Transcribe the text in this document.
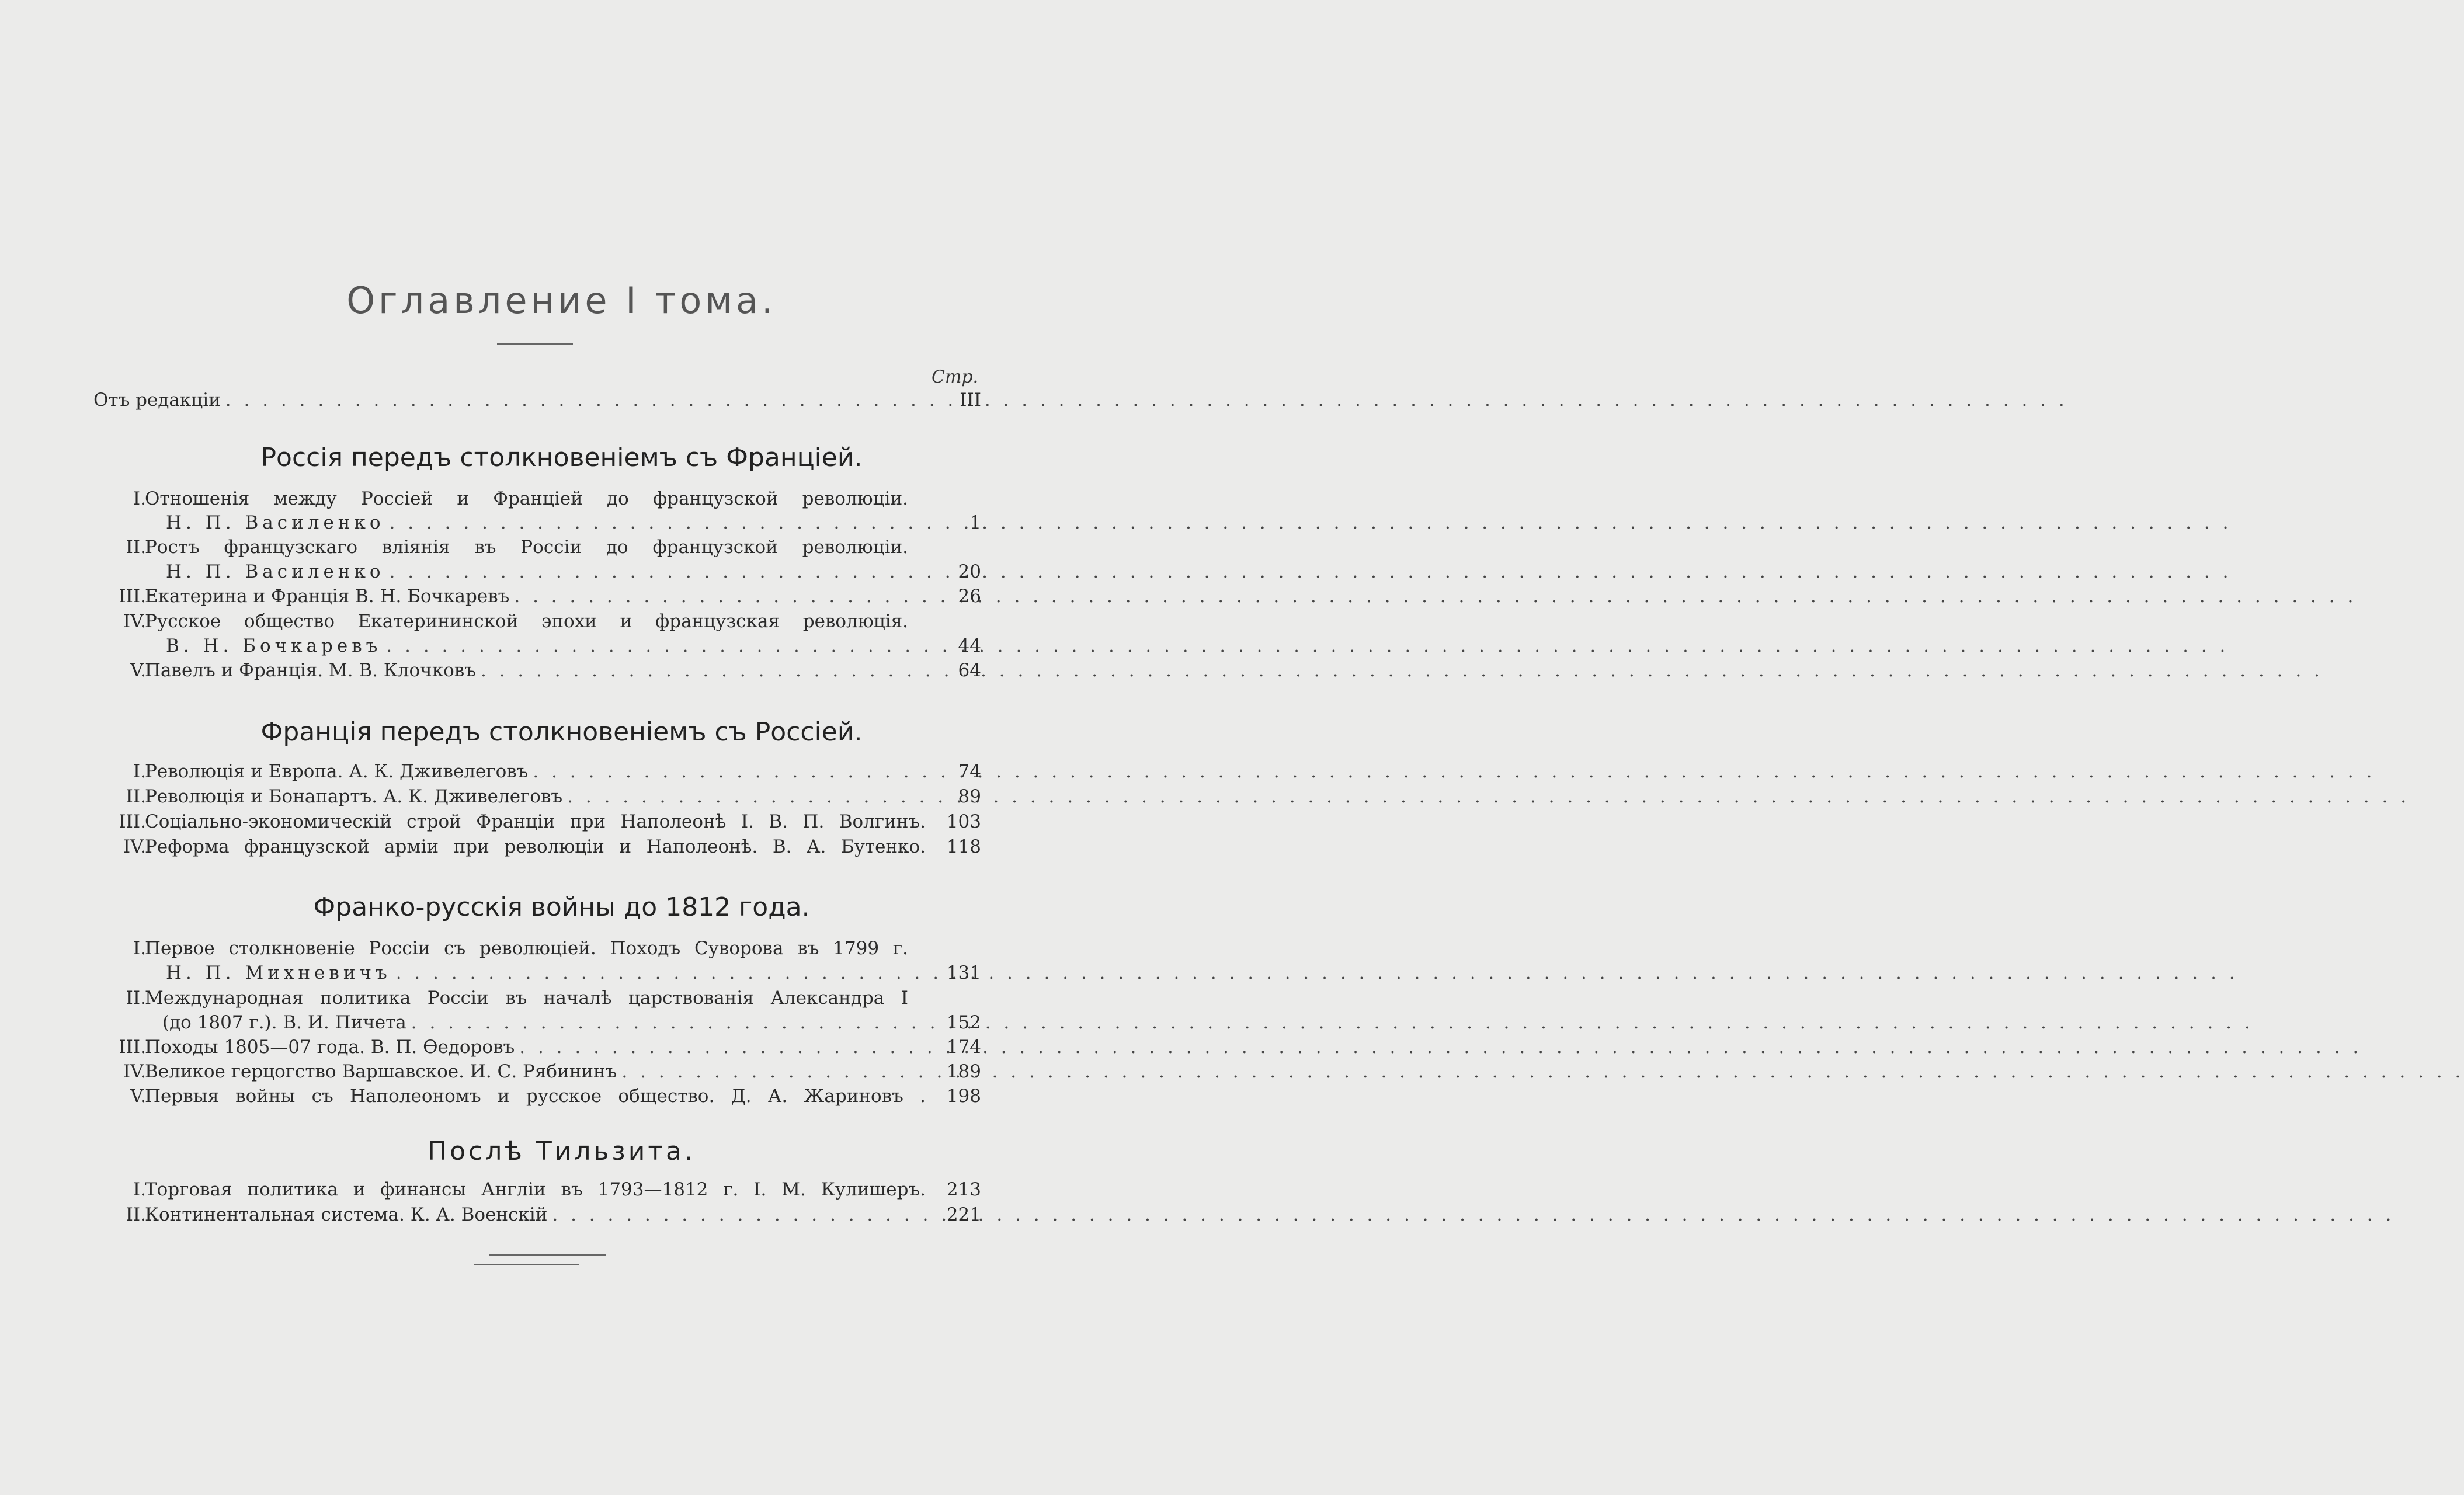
Оглавление I тома.
Стр.
Отъ редакціи . . .	III
Россія передъ столкновеніемъ съ Франціей.
I.
Отношенія между Россіей и Франціей до французской революціи.
Н. П. Василенко . . .	1
II.
Ростъ французскаго вліянія въ Россіи до французской революціи.
Н. П. Василенко . . .	20
III.
Екатерина и Франція В. Н. Бочкаревъ . . .	26
IV.
Русское общество Екатерининской эпохи и французская революція.
В. Н. Бочкаревъ . . .	44
V.
Павелъ и Франція. М. В. Клочковъ . . .	64
Франція передъ столкновеніемъ съ Россіей.
I.
Революція и Европа. А. К. Дживелеговъ . . .	74
II.
Революція и Бонапартъ. А. К. Дживелеговъ . . .	89
III.
Соціально-экономическій строй Франціи при Наполеонѣ I. В. П. Волгинъ.	103
IV.
Реформа французской арміи при революціи и Наполеонѣ. В. А. Бутенко.	118
Франко-русскія войны до 1812 года.
I.
Первое столкновеніе Россіи съ революціей. Походъ Суворова въ 1799 г.
Н. П. Михневичъ . . .	131
II.
Международная политика Россіи въ началѣ царствованія Александра I
(до 1807 г.). В. И. Пичета . . .	152
III.
Походы 1805—07 года. В. П. Өедоровъ . . .	174
IV.
Великое герцогство Варшавское. И. С. Рябининъ . . .	189
V.
Первыя войны съ Наполеономъ и русское общество. Д. А. Жариновъ .	198
Послѣ Тильзита.
I.
Торговая политика и финансы Англіи въ 1793—1812 г. I. М. Кулишеръ.	213
II.
Континентальная система. К. А. Военскій . . .	221
